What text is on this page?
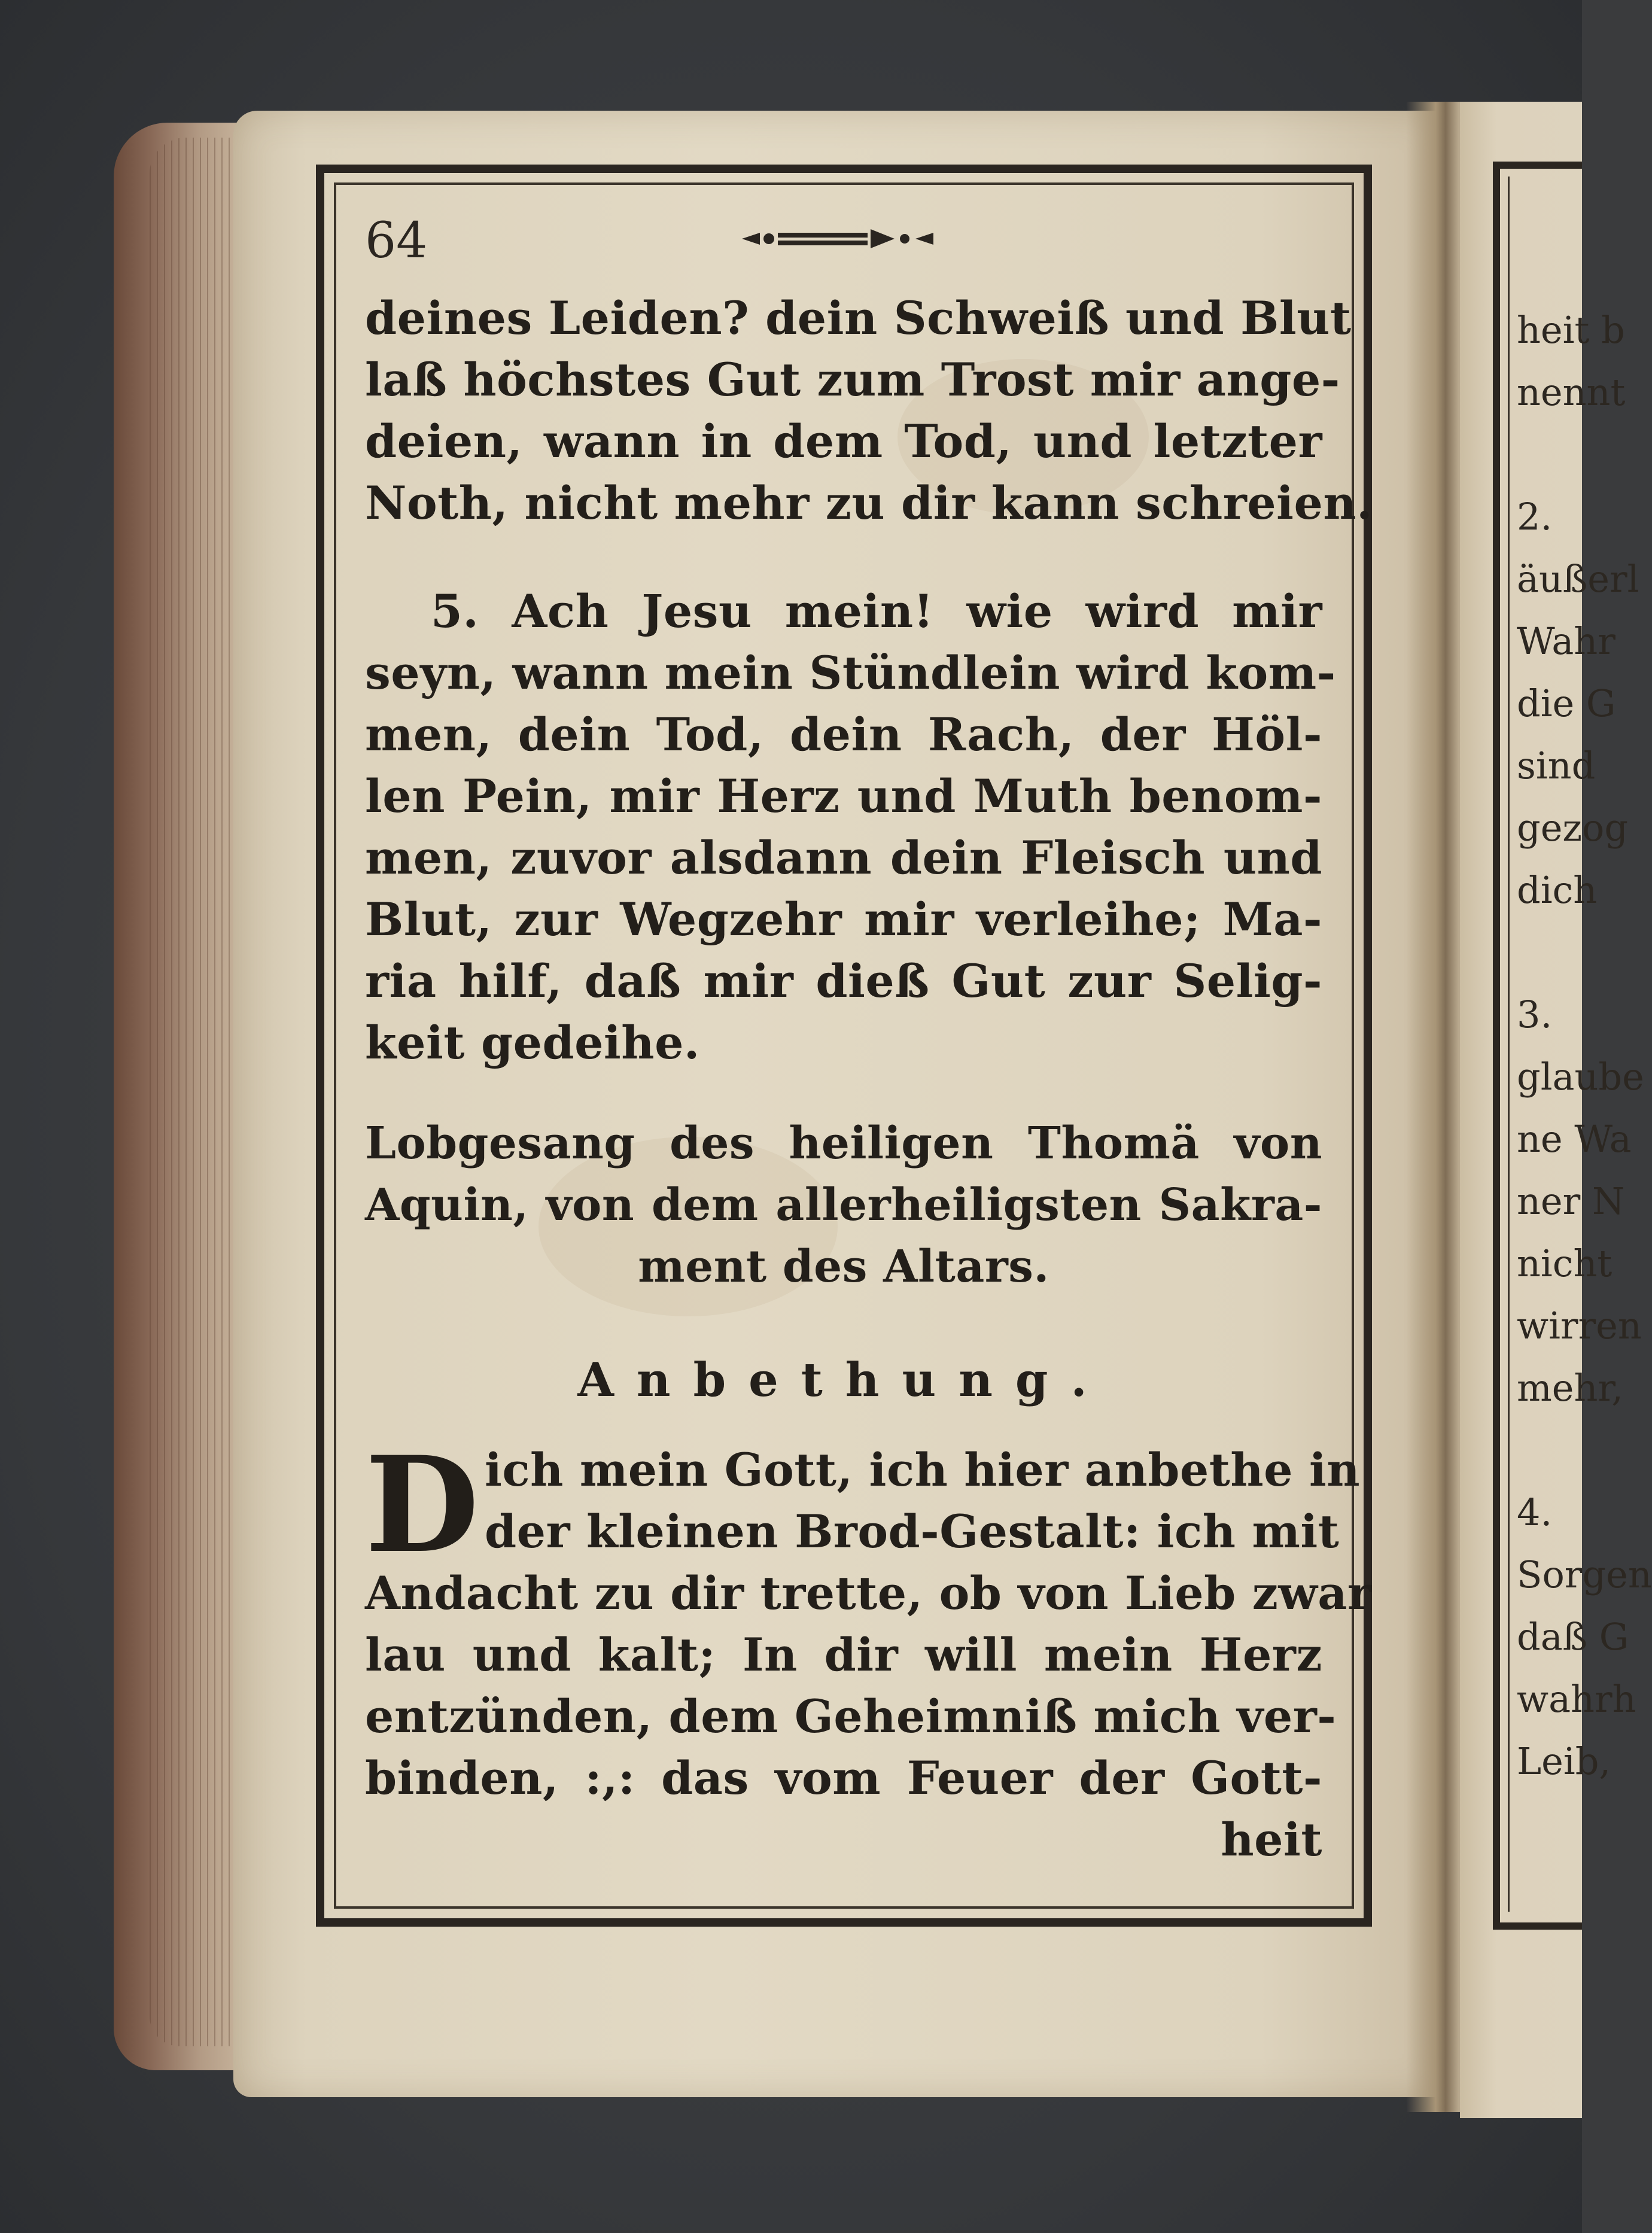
heit b
nennt
2.
äußerl
Wahr
die G
sind
gezog
dich
3.
glaube
ne Wa
ner N
nicht
wirren
mehr,
4.
Sorgen
daß G
wahrh
Leib,
64
deines Leiden? dein Schweiß und Blut
laß höchstes Gut zum Trost mir ange-
deien, wann in dem Tod, und letzter
Noth, nicht mehr zu dir kann schreien.
5. Ach Jesu mein! wie wird mir
seyn, wann mein Stündlein wird kom-
men, dein Tod, dein Rach, der Höl-
len Pein, mir Herz und Muth benom-
men, zuvor alsdann dein Fleisch und
Blut, zur Wegzehr mir verleihe; Ma-
ria hilf, daß mir dieß Gut zur Selig-
keit gedeihe.
Lobgesang des heiligen Thomä von
Aquin, von dem allerheiligsten Sakra-
ment des Altars.
Anbethung.
D ich mein Gott, ich hier anbethe in
der kleinen Brod-Gestalt: ich mit
Andacht zu dir trette, ob von Lieb zwar
lau und kalt; In dir will mein Herz
entzünden, dem Geheimniß mich ver-
binden, :,: das vom Feuer der Gott-
heit
